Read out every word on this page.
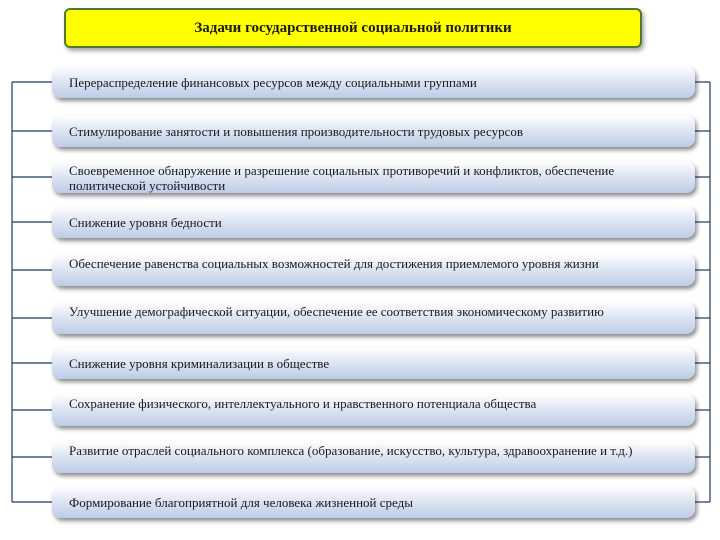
Задачи государственной социальной политики
Перераспределение финансовых ресурсов между социальными группами
Стимулирование занятости и повышения производительности трудовых ресурсов
Своевременное обнаружение и разрешение социальных противоречий и конфликтов, обеспечение политической устойчивости
Снижение уровня бедности
Обеспечение равенства социальных возможностей для достижения приемлемого уровня жизни
Улучшение демографической ситуации, обеспечение ее соответствия экономическому развитию
Снижение уровня криминализации в обществе
Сохранение физического, интеллектуального и нравственного потенциала общества
Развитие отраслей социального комплекса (образование, искусство, культура, здравоохранение и т.д.)
Формирование благоприятной для человека жизненной среды
